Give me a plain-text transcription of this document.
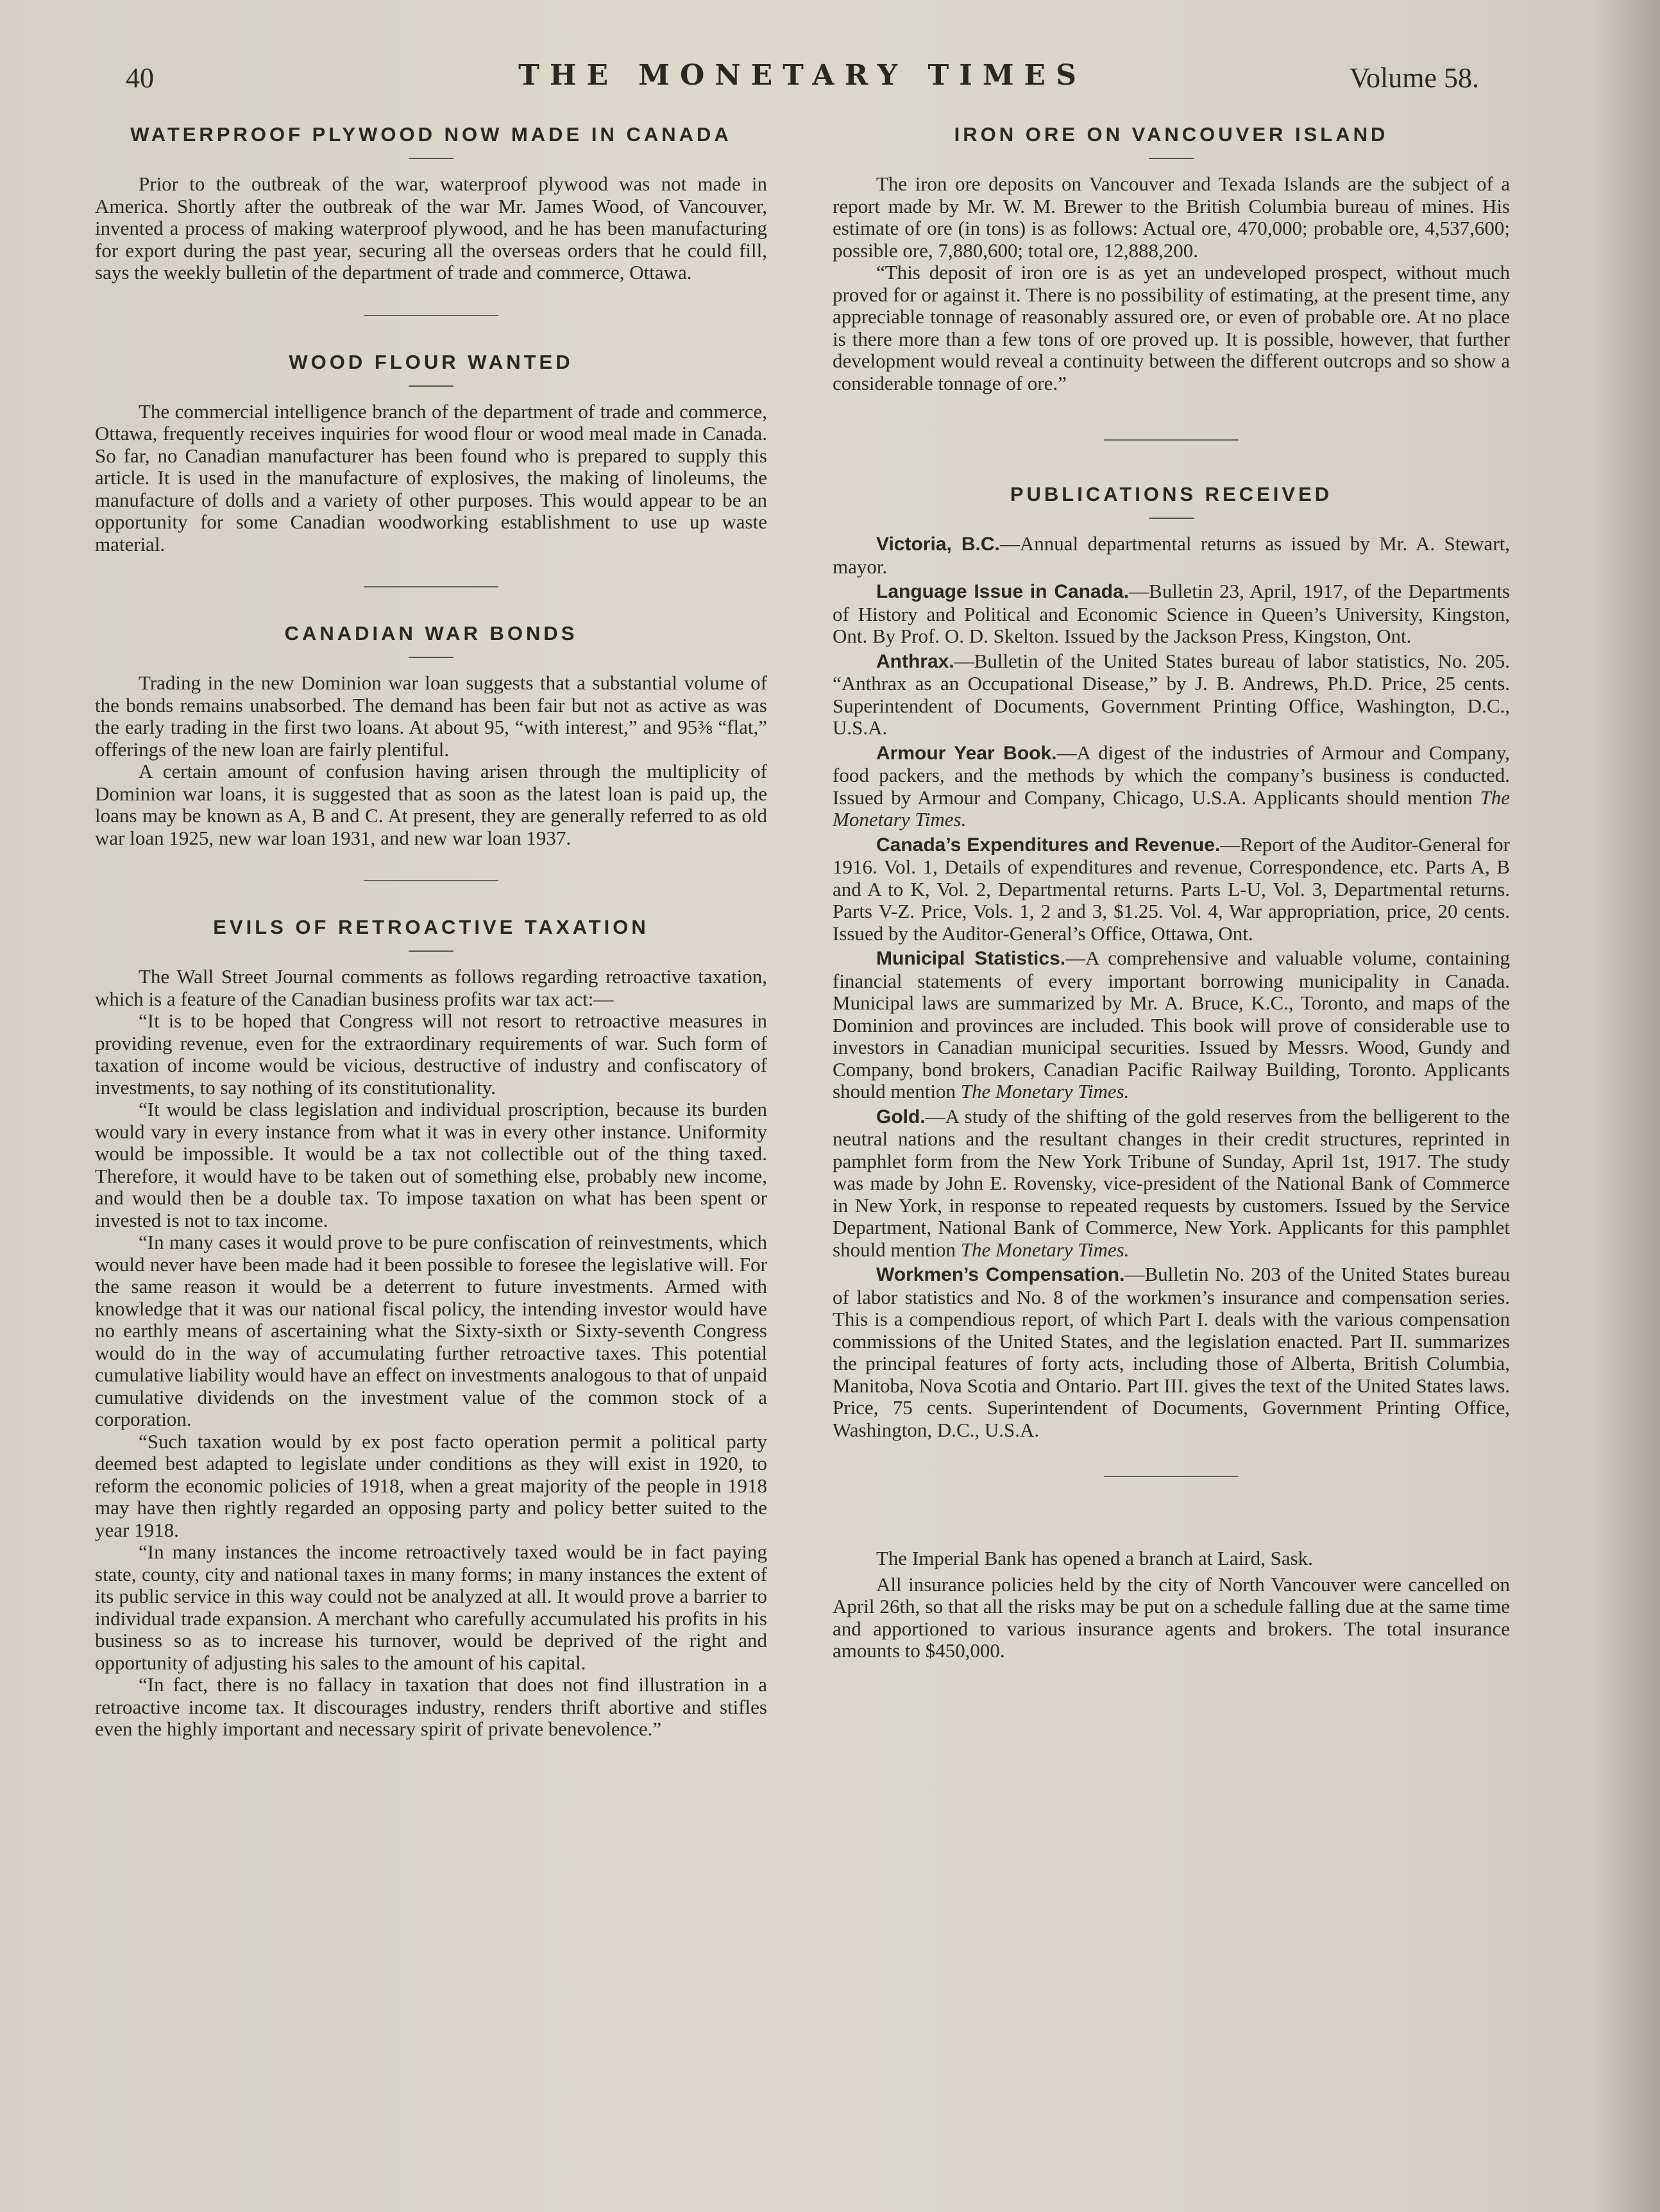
40	THE MONETARY TIMES	Volume 58.
WATERPROOF PLYWOOD NOW MADE IN CANADA

Prior to the outbreak of the war, waterproof plywood was not made in America. Shortly after the outbreak of the war Mr. James Wood, of Vancouver, invented a process of making waterproof plywood, and he has been manufacturing for export during the past year, securing all the overseas orders that he could fill, says the weekly bulletin of the department of trade and commerce, Ottawa.

WOOD FLOUR WANTED

The commercial intelligence branch of the department of trade and commerce, Ottawa, frequently receives inquiries for wood flour or wood meal made in Canada. So far, no Canadian manufacturer has been found who is prepared to supply this article. It is used in the manufacture of explosives, the making of linoleums, the manufacture of dolls and a variety of other purposes. This would appear to be an opportunity for some Canadian woodworking establishment to use up waste material.

CANADIAN WAR BONDS

Trading in the new Dominion war loan suggests that a substantial volume of the bonds remains unabsorbed. The demand has been fair but not as active as was the early trading in the first two loans. At about 95, “with interest,” and 95⅜ “flat,” offerings of the new loan are fairly plentiful.

A certain amount of confusion having arisen through the multiplicity of Dominion war loans, it is suggested that as soon as the latest loan is paid up, the loans may be known as A, B and C. At present, they are generally referred to as old war loan 1925, new war loan 1931, and new war loan 1937.

EVILS OF RETROACTIVE TAXATION

The Wall Street Journal comments as follows regarding retroactive taxation, which is a feature of the Canadian business profits war tax act:—

“It is to be hoped that Congress will not resort to retroactive measures in providing revenue, even for the extraordinary requirements of war. Such form of taxation of income would be vicious, destructive of industry and confiscatory of investments, to say nothing of its constitutionality.

“It would be class legislation and individual proscription, because its burden would vary in every instance from what it was in every other instance. Uniformity would be impossible. It would be a tax not collectible out of the thing taxed. Therefore, it would have to be taken out of something else, probably new income, and would then be a double tax. To impose taxation on what has been spent or invested is not to tax income.

“In many cases it would prove to be pure confiscation of reinvestments, which would never have been made had it been possible to foresee the legislative will. For the same reason it would be a deterrent to future investments. Armed with knowledge that it was our national fiscal policy, the intending investor would have no earthly means of ascertaining what the Sixty-sixth or Sixty-seventh Congress would do in the way of accumulating further retroactive taxes. This potential cumulative liability would have an effect on investments analogous to that of unpaid cumulative dividends on the investment value of the common stock of a corporation.

“Such taxation would by ex post facto operation permit a political party deemed best adapted to legislate under conditions as they will exist in 1920, to reform the economic policies of 1918, when a great majority of the people in 1918 may have then rightly regarded an opposing party and policy better suited to the year 1918.

“In many instances the income retroactively taxed would be in fact paying state, county, city and national taxes in many forms; in many instances the extent of its public service in this way could not be analyzed at all. It would prove a barrier to individual trade expansion. A merchant who carefully accumulated his profits in his business so as to increase his turnover, would be deprived of the right and opportunity of adjusting his sales to the amount of his capital.

“In fact, there is no fallacy in taxation that does not find illustration in a retroactive income tax. It discourages industry, renders thrift abortive and stifles even the highly important and necessary spirit of private benevolence.”

IRON ORE ON VANCOUVER ISLAND

The iron ore deposits on Vancouver and Texada Islands are the subject of a report made by Mr. W. M. Brewer to the British Columbia bureau of mines. His estimate of ore (in tons) is as follows: Actual ore, 470,000; probable ore, 4,537,600; possible ore, 7,880,600; total ore, 12,888,200.

“This deposit of iron ore is as yet an undeveloped prospect, without much proved for or against it. There is no possibility of estimating, at the present time, any appreciable tonnage of reasonably assured ore, or even of probable ore. At no place is there more than a few tons of ore proved up. It is possible, however, that further development would reveal a continuity between the different outcrops and so show a considerable tonnage of ore.”

PUBLICATIONS RECEIVED

Victoria, B.C.—Annual departmental returns as issued by Mr. A. Stewart, mayor.

Language Issue in Canada.—Bulletin 23, April, 1917, of the Departments of History and Political and Economic Science in Queen’s University, Kingston, Ont. By Prof. O. D. Skelton. Issued by the Jackson Press, Kingston, Ont.

Anthrax.—Bulletin of the United States bureau of labor statistics, No. 205. “Anthrax as an Occupational Disease,” by J. B. Andrews, Ph.D. Price, 25 cents. Superintendent of Documents, Government Printing Office, Washington, D.C., U.S.A.

Armour Year Book.—A digest of the industries of Armour and Company, food packers, and the methods by which the company’s business is conducted. Issued by Armour and Company, Chicago, U.S.A. Applicants should mention The Monetary Times.

Canada’s Expenditures and Revenue.—Report of the Auditor-General for 1916. Vol. 1, Details of expenditures and revenue, Correspondence, etc. Parts A, B and A to K, Vol. 2, Departmental returns. Parts L-U, Vol. 3, Departmental returns. Parts V-Z. Price, Vols. 1, 2 and 3, $1.25. Vol. 4, War appropriation, price, 20 cents. Issued by the Auditor-General’s Office, Ottawa, Ont.

Municipal Statistics.—A comprehensive and valuable volume, containing financial statements of every important borrowing municipality in Canada. Municipal laws are summarized by Mr. A. Bruce, K.C., Toronto, and maps of the Dominion and provinces are included. This book will prove of considerable use to investors in Canadian municipal securities. Issued by Messrs. Wood, Gundy and Company, bond brokers, Canadian Pacific Railway Building, Toronto. Applicants should mention The Monetary Times.

Gold.—A study of the shifting of the gold reserves from the belligerent to the neutral nations and the resultant changes in their credit structures, reprinted in pamphlet form from the New York Tribune of Sunday, April 1st, 1917. The study was made by John E. Rovensky, vice-president of the National Bank of Commerce in New York, in response to repeated requests by customers. Issued by the Service Department, National Bank of Commerce, New York. Applicants for this pamphlet should mention The Monetary Times.

Workmen’s Compensation.—Bulletin No. 203 of the United States bureau of labor statistics and No. 8 of the workmen’s insurance and compensation series. This is a compendious report, of which Part I. deals with the various compensation commissions of the United States, and the legislation enacted. Part II. summarizes the principal features of forty acts, including those of Alberta, British Columbia, Manitoba, Nova Scotia and Ontario. Part III. gives the text of the United States laws. Price, 75 cents. Superintendent of Documents, Government Printing Office, Washington, D.C., U.S.A.

The Imperial Bank has opened a branch at Laird, Sask.

All insurance policies held by the city of North Vancouver were cancelled on April 26th, so that all the risks may be put on a schedule falling due at the same time and apportioned to various insurance agents and brokers. The total insurance amounts to $450,000.
